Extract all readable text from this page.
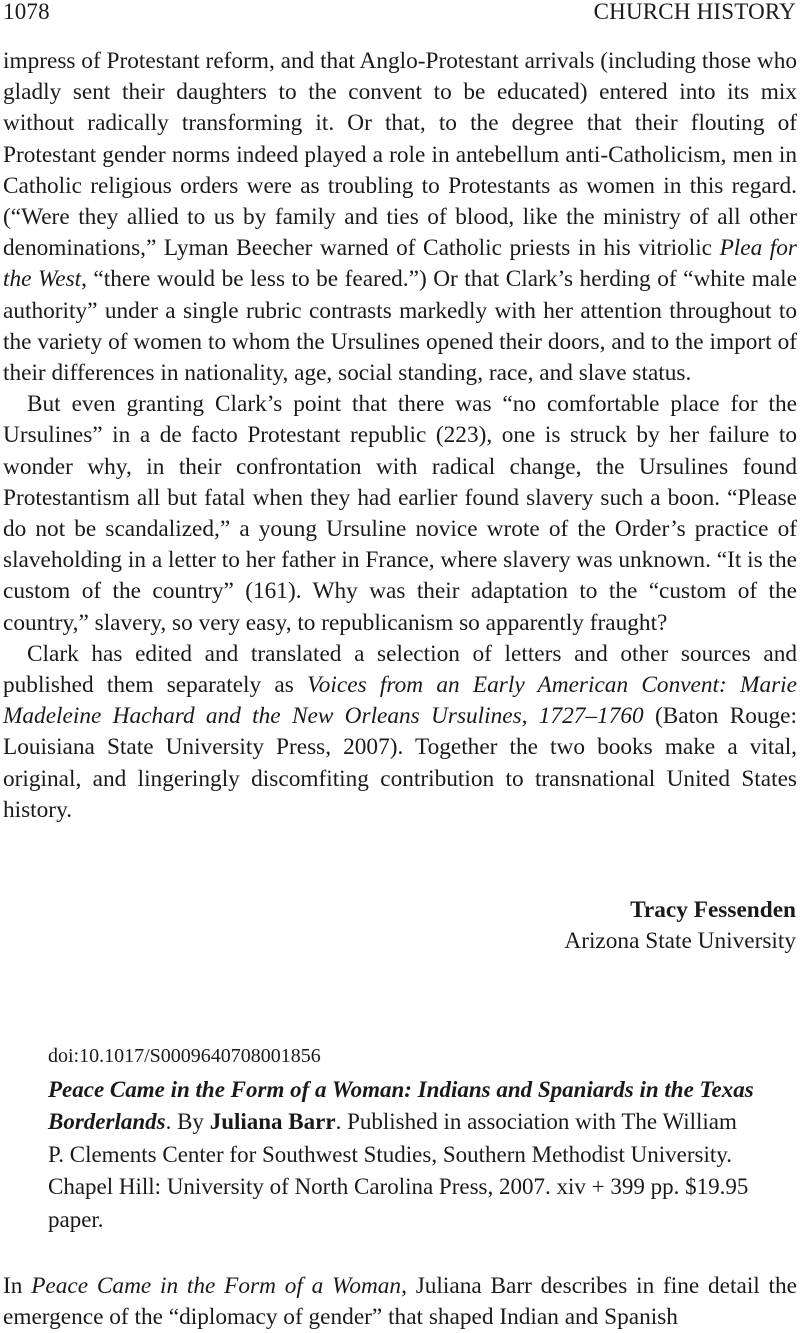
1078	CHURCH HISTORY

impress of Protestant reform, and that Anglo-Protestant arrivals (including those who gladly sent their daughters to the convent to be educated) entered into its mix without radically transforming it. Or that, to the degree that their flouting of Protestant gender norms indeed played a role in antebellum anti-Catholicism, men in Catholic religious orders were as troubling to Protestants as women in this regard. (“Were they allied to us by family and ties of blood, like the ministry of all other denominations,” Lyman Beecher warned of Catholic priests in his vitriolic Plea for the West, “there would be less to be feared.”) Or that Clark’s herding of “white male authority” under a single rubric contrasts markedly with her attention throughout to the variety of women to whom the Ursulines opened their doors, and to the import of their differences in nationality, age, social standing, race, and slave status.

But even granting Clark’s point that there was “no comfortable place for the Ursulines” in a de facto Protestant republic (223), one is struck by her failure to wonder why, in their confrontation with radical change, the Ursulines found Protestantism all but fatal when they had earlier found slavery such a boon. “Please do not be scandalized,” a young Ursuline novice wrote of the Order’s practice of slaveholding in a letter to her father in France, where slavery was unknown. “It is the custom of the country” (161). Why was their adaptation to the “custom of the country,” slavery, so very easy, to republicanism so apparently fraught?

Clark has edited and translated a selection of letters and other sources and published them separately as Voices from an Early American Convent: Marie Madeleine Hachard and the New Orleans Ursulines, 1727–1760 (Baton Rouge: Louisiana State University Press, 2007). Together the two books make a vital, original, and lingeringly discomfiting contribution to transnational United States history.

Tracy Fessenden
Arizona State University
doi:10.1017/S0009640708001856

Peace Came in the Form of a Woman: Indians and Spaniards in the Texas Borderlands. By Juliana Barr. Published in association with The William P. Clements Center for Southwest Studies, Southern Methodist University. Chapel Hill: University of North Carolina Press, 2007. xiv + 399 pp. $19.95 paper.

In Peace Came in the Form of a Woman, Juliana Barr describes in fine detail the emergence of the “diplomacy of gender” that shaped Indian and Spanish
